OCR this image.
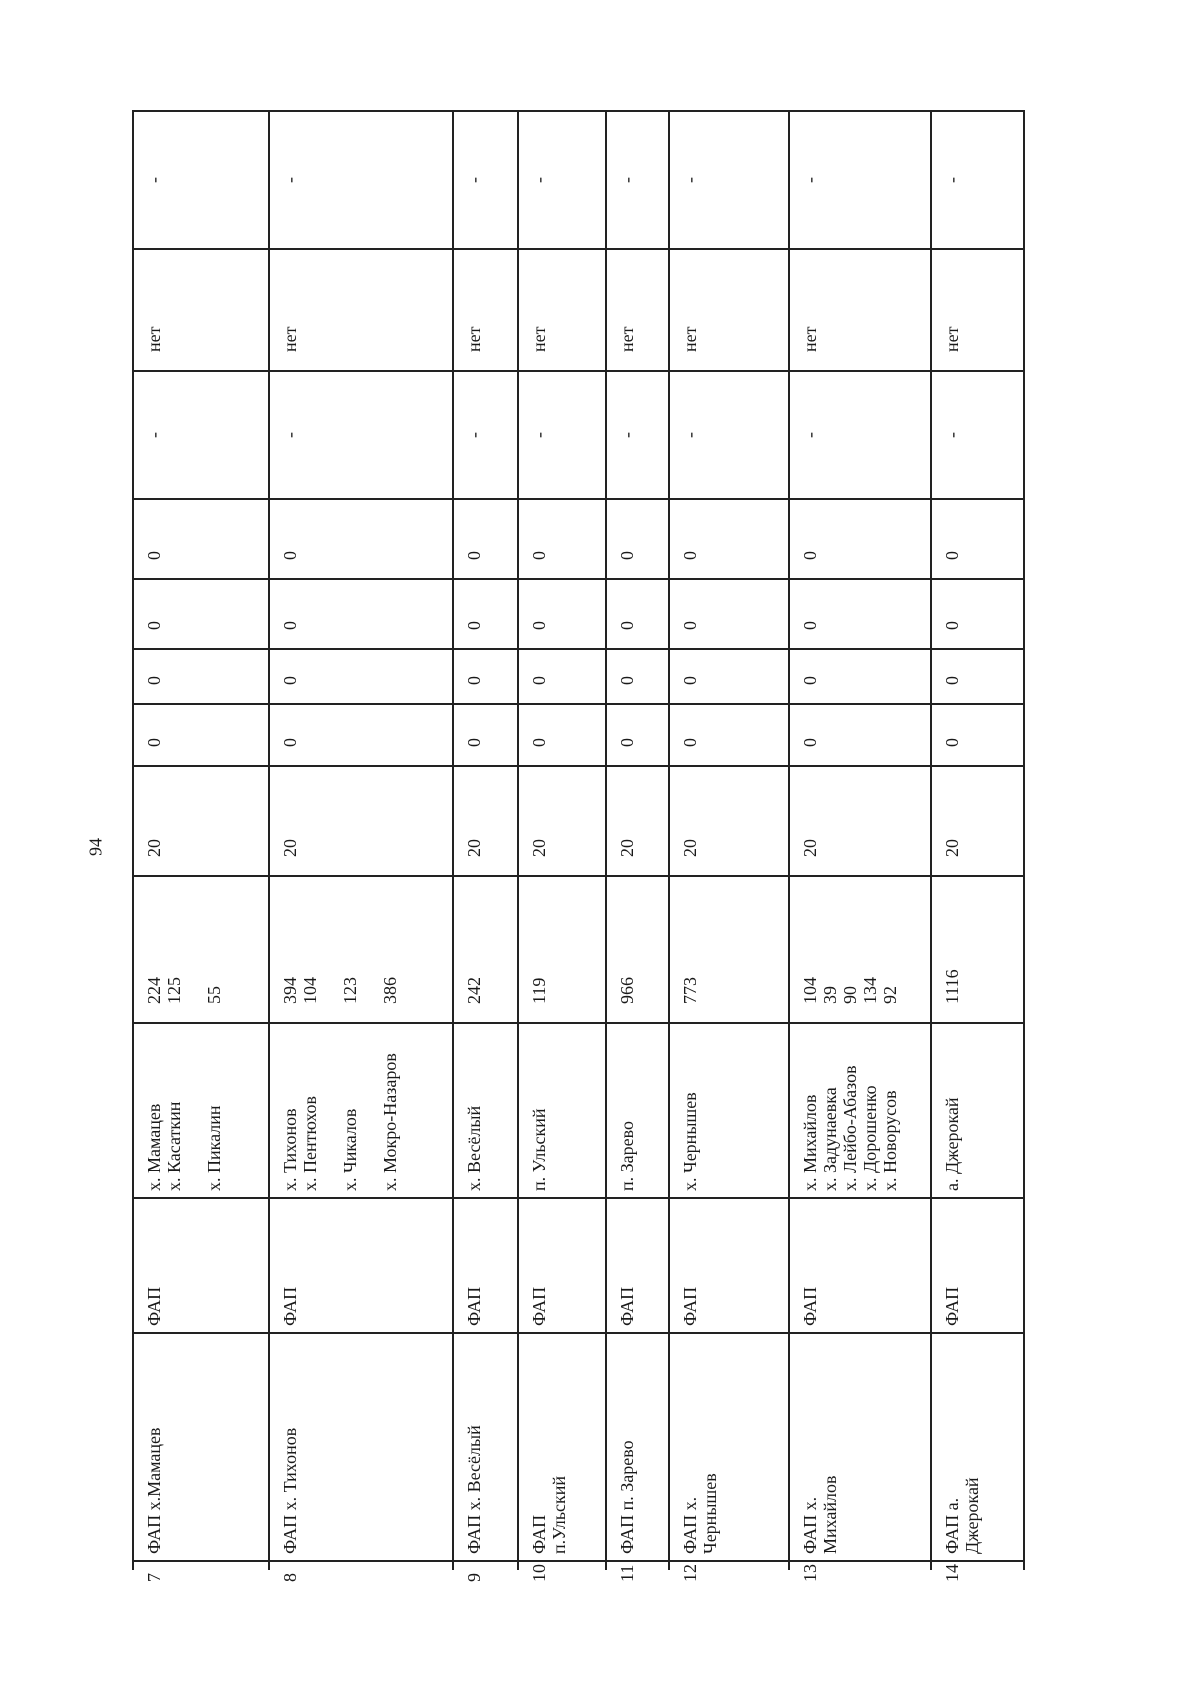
94
-
нет
-
0
0
0
0
20
224
125

55
х. Мамацев
х. Касаткин

х. Пикалин
ФАП
ФАП х.Мамацев
7
-
нет
-
0
0
0
0
20
394
104

123

386
х. Тихонов
х. Пентюхов

х. Чикалов

х. Мокро-Назаров
ФАП
ФАП х. Тихонов
8
-
нет
-
0
0
0
0
20
242
х. Весёлый
ФАП
ФАП х. Весёлый
9
-
нет
-
0
0
0
0
20
119
п. Ульский
ФАП
ФАП
п.Ульский
10
-
нет
-
0
0
0
0
20
966
п. Зарево
ФАП
ФАП п. Зарево
11
-
нет
-
0
0
0
0
20
773
х. Чернышев
ФАП
ФАП х.
Чернышев
12
-
нет
-
0
0
0
0
20
104
39
90
134
92
х. Михайлов
х. Задунаевка
х. Лейбо-Абазов
х. Дорошенко
х. Новорусов
ФАП
ФАП х.
Михайлов
13
-
нет
-
0
0
0
0
20
1116
а. Джерокай
ФАП
ФАП а.
Джерокай
14
